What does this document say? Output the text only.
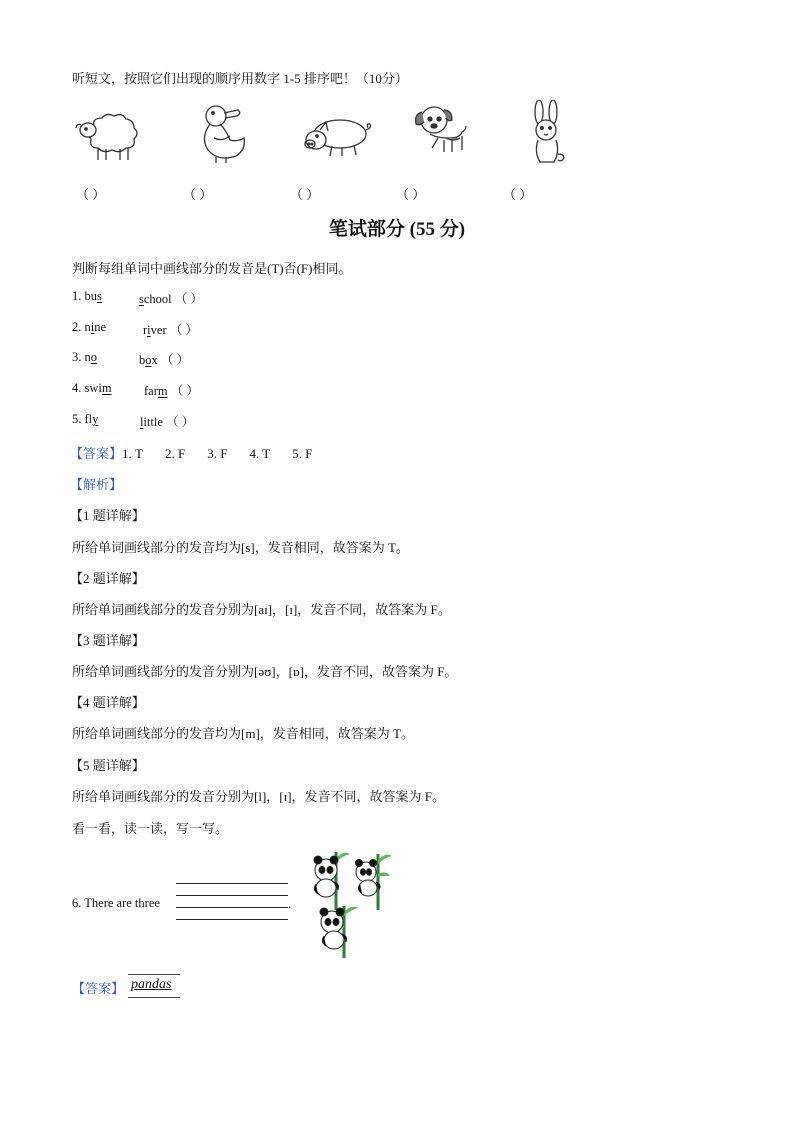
听短文，按照它们出现的顺序用数字 1-5 排序吧！（10分）
（ ）	（ ）	（ ）	（ ）	（ ）
笔试部分 (55 分)
判断每组单词中画线部分的发音是(T)否(F)相同。
1. bus	school （ ）
2. nine	river （ ）
3. no	box （ ）
4. swim	farm （ ）
5. fly	little （ ）
【答案】1. T 2. F 3. F 4. T 5. F
【解析】
【1 题详解】
所给单词画线部分的发音均为[s]，发音相同，故答案为 T。
【2 题详解】
所给单词画线部分的发音分别为[aɪ]，[ɪ]，发音不同，故答案为 F。
【3 题详解】
所给单词画线部分的发音分别为[əʊ]，[ɒ]，发音不同，故答案为 F。
【4 题详解】
所给单词画线部分的发音均为[m]，发音相同，故答案为 T。
【5 题详解】
所给单词画线部分的发音分别为[l]，[ɪ]，发音不同，故答案为 F。
看一看，读一读，写一写。
6. There are three	.
【答案】 pandas
